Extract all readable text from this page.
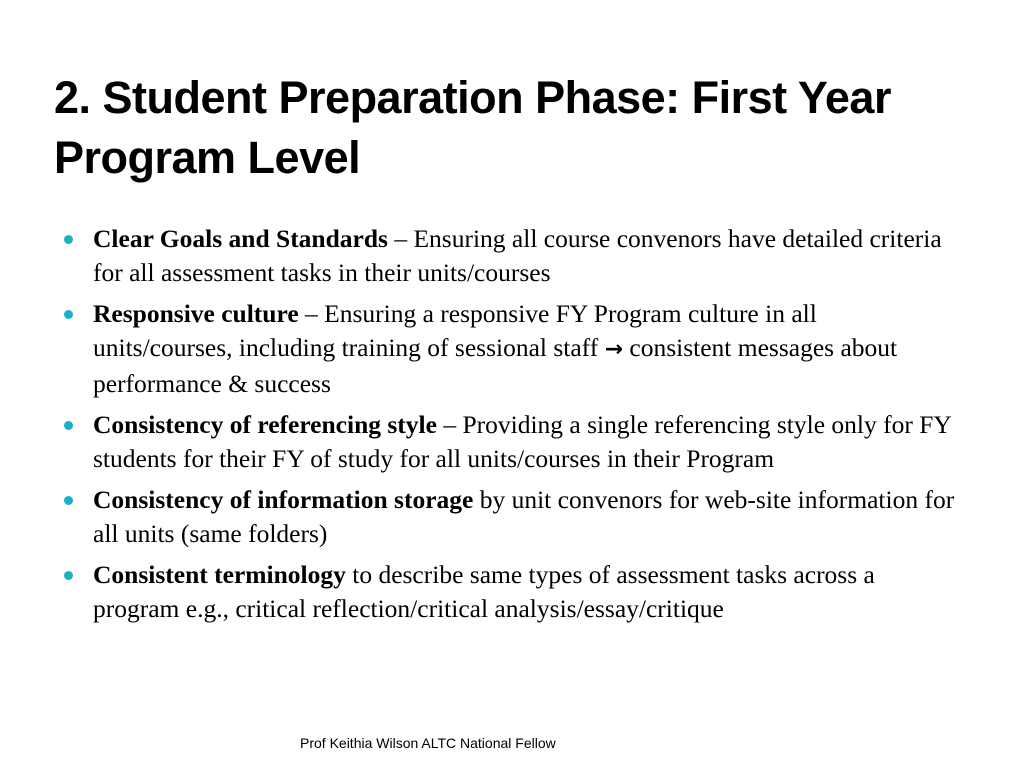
2. Student Preparation Phase: First Year Program Level
Clear Goals and Standards – Ensuring all course convenors have detailed criteria for all assessment tasks in their units/courses
Responsive culture – Ensuring a responsive FY Program culture in all units/courses, including training of sessional staff → consistent messages about performance & success
Consistency of referencing style – Providing a single referencing style only for FY students for their FY of study for all units/courses in their Program
Consistency of information storage by unit convenors for web-site information for all units (same folders)
Consistent terminology to describe same types of assessment tasks across a program e.g., critical reflection/critical analysis/essay/critique
Prof Keithia Wilson ALTC National Fellow
